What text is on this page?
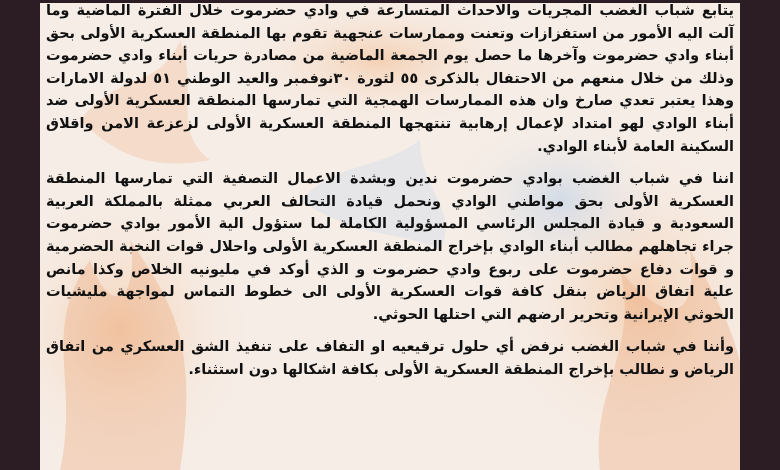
يتابع شباب الغضب المجريات والاحداث المتسارعة في وادي حضرموت خلال الفترة الماضية وما آلت اليه الأمور من استفزازات وتعنت وممارسات عنجهية تقوم بها المنطقة العسكرية الأولى بحق أبناء وادي حضرموت وآخرها ما حصل يوم الجمعة الماضية من مصادرة حريات أبناء وادي حضرموت وذلك من خلال منعهم من الاحتفال بالذكرى ٥٥ لثورة ٣٠نوفمبر والعيد الوطني ٥١ لدولة الامارات وهذا يعتبر تعدي صارخ وان هذه الممارسات الهمجية التي تمارسها المنطقة العسكرية الأولى ضد أبناء الوادي لهو امتداد لإعمال إرهابية تنتهجها المنطقة العسكرية الأولى لزعزعة الامن واقلاق السكينة العامة لأبناء الوادي.

اننا في شباب الغضب بوادي حضرموت ندين وبشدة الاعمال التصفية التي تمارسها المنطقة العسكرية الأولى بحق مواطني الوادي ونحمل قيادة التحالف العربي ممثلة بالمملكة العربية السعودية و قيادة المجلس الرئاسي المسؤولية الكاملة لما ستؤول الية الأمور بوادي حضرموت جراء تجاهلهم مطالب أبناء الوادي بإخراج المنطقة العسكرية الأولى واحلال قوات النخبة الحضرمية و قوات دفاع حضرموت على ربوع وادي حضرموت و الذي أوكد في مليونيه الخلاص وكذا مانص علية اتفاق الرياض بنقل كافة قوات العسكرية الأولى الى خطوط التماس لمواجهة مليشيات الحوثي الإيرانية وتحرير ارضهم التي احتلها الحوثي.

وأننا في شباب الغضب نرفض أي حلول ترقيعيه او التفاف على تنفيذ الشق العسكري من اتفاق الرياض و نطالب بإخراج المنطقة العسكرية الأولى بكافة اشكالها دون استثناء.
